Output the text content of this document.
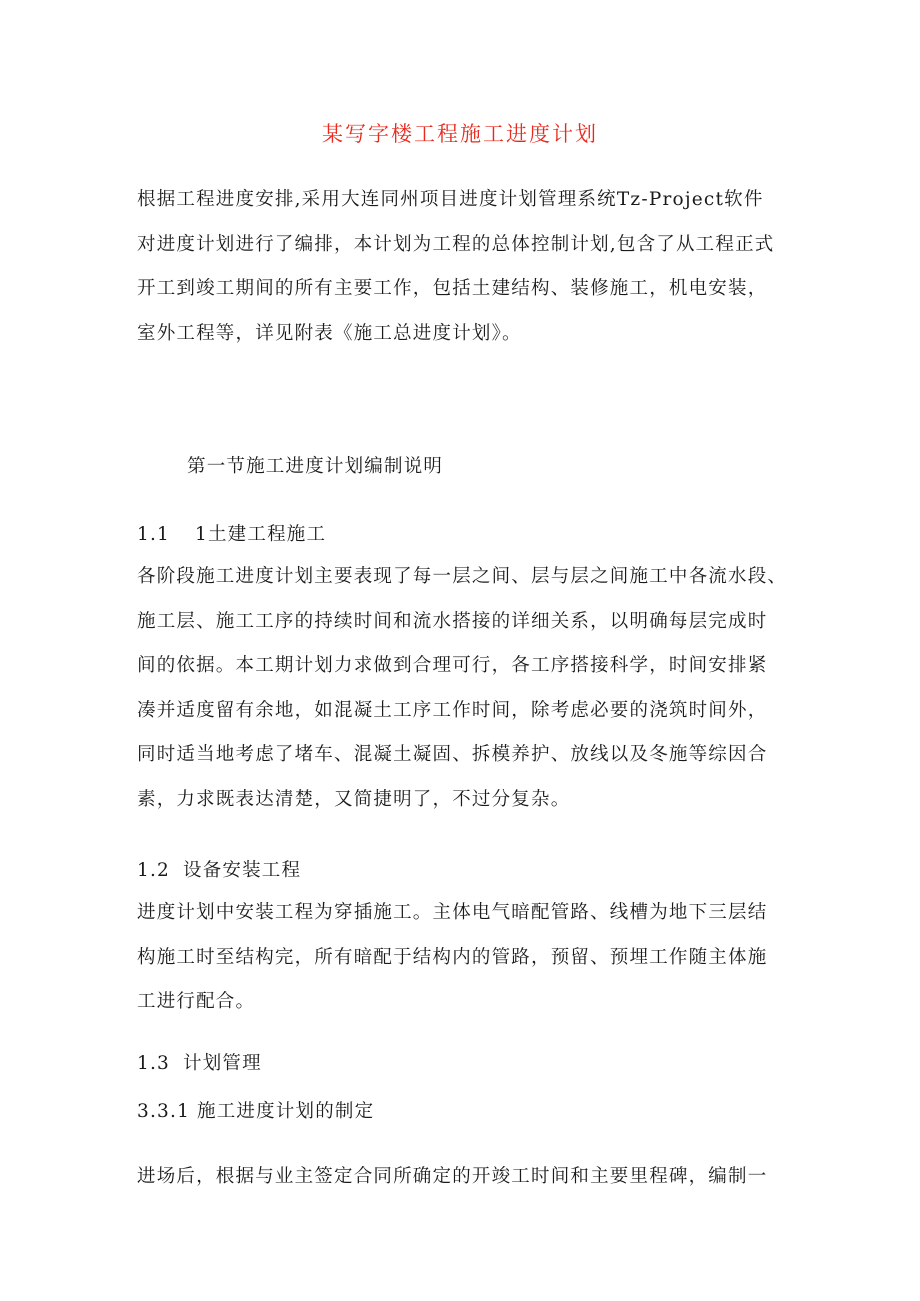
某写字楼工程施工进度计划
根据工程进度安排,采用大连同州项目进度计划管理系统Tz-Project软件
对进度计划进行了编排，本计划为工程的总体控制计划,包含了从工程正式
开工到竣工期间的所有主要工作，包括土建结构、装修施工，机电安装，
室外工程等，详见附表《施工总进度计划》。
第一节施工进度计划编制说明
1.1 1土建工程施工
各阶段施工进度计划主要表现了每一层之间、层与层之间施工中各流水段、
施工层、施工工序的持续时间和流水搭接的详细关系，以明确每层完成时
间的依据。本工期计划力求做到合理可行，各工序搭接科学，时间安排紧
凑并适度留有余地，如混凝土工序工作时间，除考虑必要的浇筑时间外，
同时适当地考虑了堵车、混凝土凝固、拆模养护、放线以及冬施等综因合
素，力求既表达清楚，又简捷明了，不过分复杂。
1.2 设备安装工程
进度计划中安装工程为穿插施工。主体电气暗配管路、线槽为地下三层结
构施工时至结构完，所有暗配于结构内的管路，预留、预埋工作随主体施
工进行配合。
1.3 计划管理
3.3.1 施工进度计划的制定
进场后，根据与业主签定合同所确定的开竣工时间和主要里程碑，编制一
